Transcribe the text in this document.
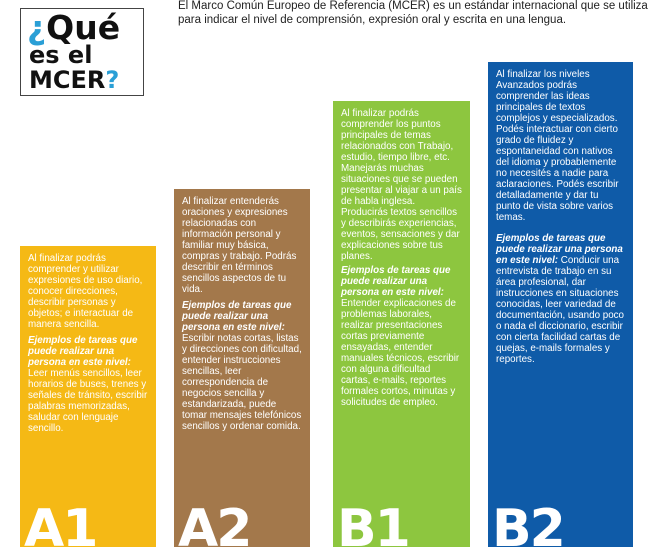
¿Qué
es el
MCER?
El Marco Común Europeo de Referencia (MCER) es un estándar internacional que se utiliza para indicar el nivel de comprensión, expresión oral y escrita en una lengua.

Al finalizar podrás comprender y utilizar expresiones de uso diario, conocer direcciones, describir personas y objetos; e interactuar de manera sencilla.

Ejemplos de tareas que puede realizar una persona en este nivel: Leer menús sencillos, leer horarios de buses, trenes y señales de tránsito, escribir palabras memorizadas, saludar con lenguaje sencillo.

A1

Al finalizar entenderás oraciones y expresiones relacionadas con información personal y familiar muy básica, compras y trabajo. Podrás describir en términos sencillos aspectos de tu vida.

Ejemplos de tareas que puede realizar una persona en este nivel: Escribir notas cortas, listas y direcciones con dificultad, entender instrucciones sencillas, leer correspondencia de negocios sencilla y estandarizada, puede tomar mensajes telefónicos sencillos y ordenar comida.

A2

Al finalizar podrás comprender los puntos principales de temas relacionados con Trabajo, estudio, tiempo libre, etc. Manejarás muchas situaciones que se pueden presentar al viajar a un país de habla inglesa. Producirás textos sencillos y describirás experiencias, eventos, sensaciones y dar explicaciones sobre tus planes.

Ejemplos de tareas que puede realizar una persona en este nivel: Entender explicaciones de problemas laborales, realizar presentaciones cortas previamente ensayadas, entender manuales técnicos, escribir con alguna dificultad cartas, e-mails, reportes formales cortos, minutas y solicitudes de empleo.

B1

Al finalizar los niveles Avanzados podrás comprender las ideas principales de textos complejos y especializados. Podés interactuar con cierto grado de fluidez y espontaneidad con nativos del idioma y probablemente no necesités a nadie para aclaraciones. Podés escribir detalladamente y dar tu punto de vista sobre varios temas.

Ejemplos de tareas que puede realizar una persona en este nivel: Conducir una entrevista de trabajo en su área profesional, dar instrucciones en situaciones conocidas, leer variedad de documentación, usando poco o nada el diccionario, escribir con cierta facilidad cartas de quejas, e-mails formales y reportes.

B2
